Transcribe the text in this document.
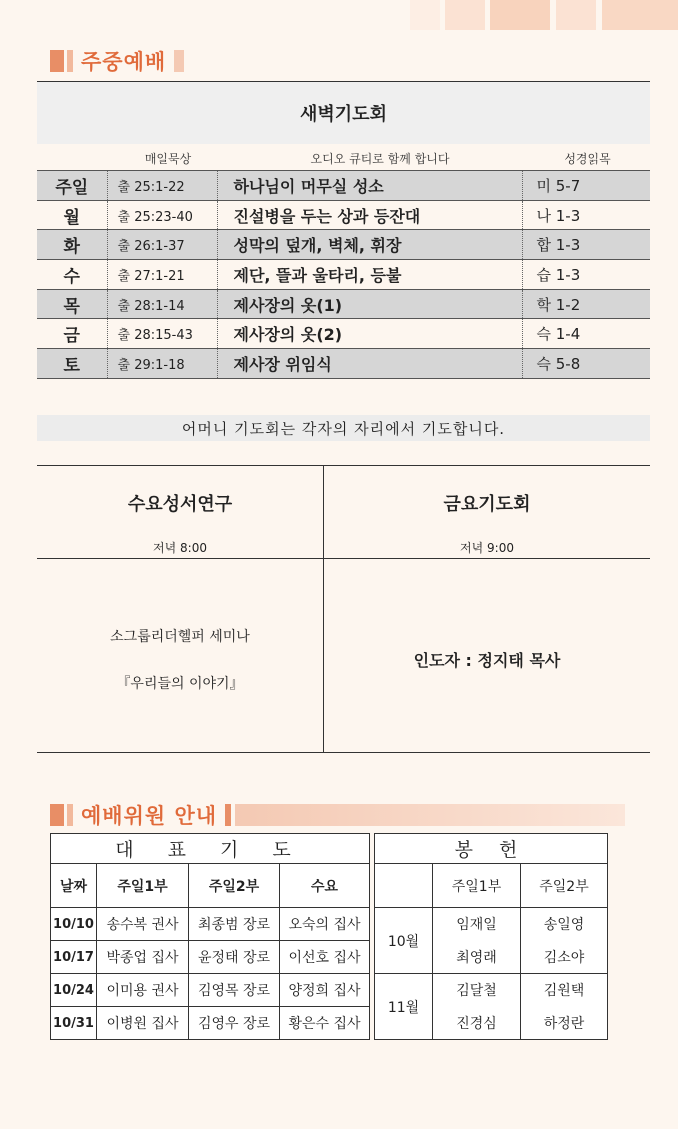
주중예배
새벽기도회
매일묵상	오디오 큐티로 함께 합니다	성경읽목
주일	출 25:1-22	하나님이 머무실 성소	미 5-7
월	출 25:23-40	진설병을 두는 상과 등잔대	나 1-3
화	출 26:1-37	성막의 덮개, 벽체, 휘장	합 1-3
수	출 27:1-21	제단, 뜰과 울타리, 등불	습 1-3
목	출 28:1-14	제사장의 옷(1)	학 1-2
금	출 28:15-43	제사장의 옷(2)	슥 1-4
토	출 29:1-18	제사장 위임식	슥 5-8
어머니 기도회는 각자의 자리에서 기도합니다.
수요성서연구
저녁 8:00
금요기도회
저녁 9:00
소그룹리더헬퍼 세미나
『우리들의 이야기』
인도자 : 정지태 목사
예배위원 안내
대 표 기 도			
날짜	주일1부	주일2부	수요
10/10	송수복 권사	최종범 장로	오숙의 집사
10/17	박종업 집사	윤정태 장로	이선호 집사
10/24	이미용 권사	김영목 장로	양정희 집사
10/31	이병원 집사	김영우 장로	황은수 집사
봉 헌		
	주일1부	주일2부
10월	임재일	송일영
	최영래	김소야
11월	김달철	김원택
	진경심	하정란
